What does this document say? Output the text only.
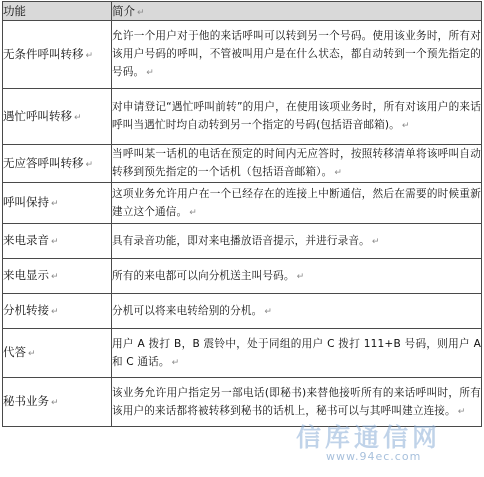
功能	简介 ↵
无条件呼叫转移 ↵	允许一个用户对于他的来话呼叫可以转到另一个号码。使用该业务时，所有对该用户号码的呼叫，不管被叫用户是在什么状态，都自动转到一个预先指定的号码。 ↵
遇忙呼叫转移 ↵	对申请登记“遇忙呼叫前转”的用户，在使用该项业务时，所有对该用户的来话呼叫当遇忙时均自动转到另一个指定的号码(包括语音邮箱)。 ↵
无应答呼叫转移 ↵	当呼叫某一话机的电话在预定的时间内无应答时，按照转移清单将该呼叫自动转移到预先指定的一个话机（包括语音邮箱）。 ↵
呼叫保持 ↵	这项业务允许用户在一个已经存在的连接上中断通信，然后在需要的时候重新建立这个通信。 ↵
来电录音 ↵	具有录音功能，即对来电播放语音提示，并进行录音。 ↵
来电显示 ↵	所有的来电都可以向分机送主叫号码。 ↵
分机转接 ↵	分机可以将来电转给别的分机。 ↵
代答 ↵	用户 A 拨打 B，B 震铃中，处于同组的用户 C 拨打 111+B 号码，则用户 A 和 C 通话。 ↵
秘书业务 ↵	该业务允许用户指定另一部电话(即秘书)来替他接听所有的来话呼叫时，所有该用户的来话都将被转移到秘书的话机上，秘书可以与其呼叫建立连接。 ↵
信库通信网
www.94ec.com
